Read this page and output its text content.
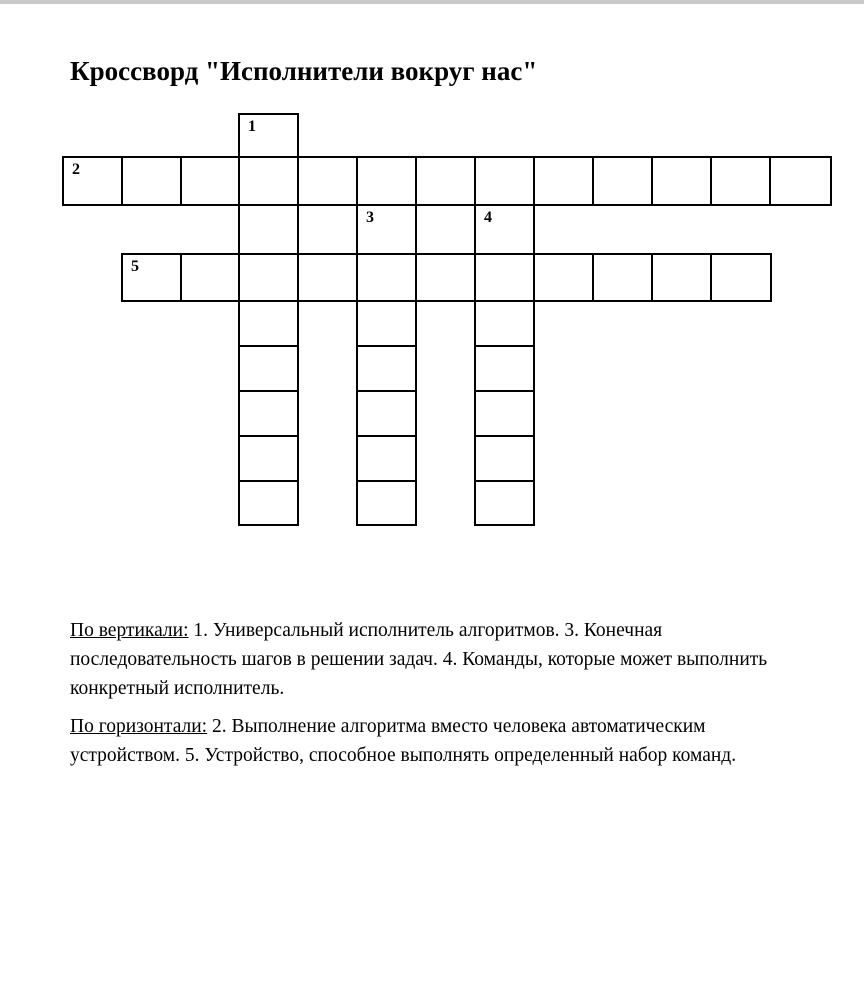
Кроссворд "Исполнители вокруг нас"
1
2
3	4
5

По вертикали: 1. Универсальный исполнитель алгоритмов. 3. Конечная последовательность шагов в решении задач. 4. Команды, которые может выполнить конкретный исполнитель.

По горизонтали: 2. Выполнение алгоритма вместо человека автоматическим устройством. 5. Устройство, способное выполнять определенный набор команд.
